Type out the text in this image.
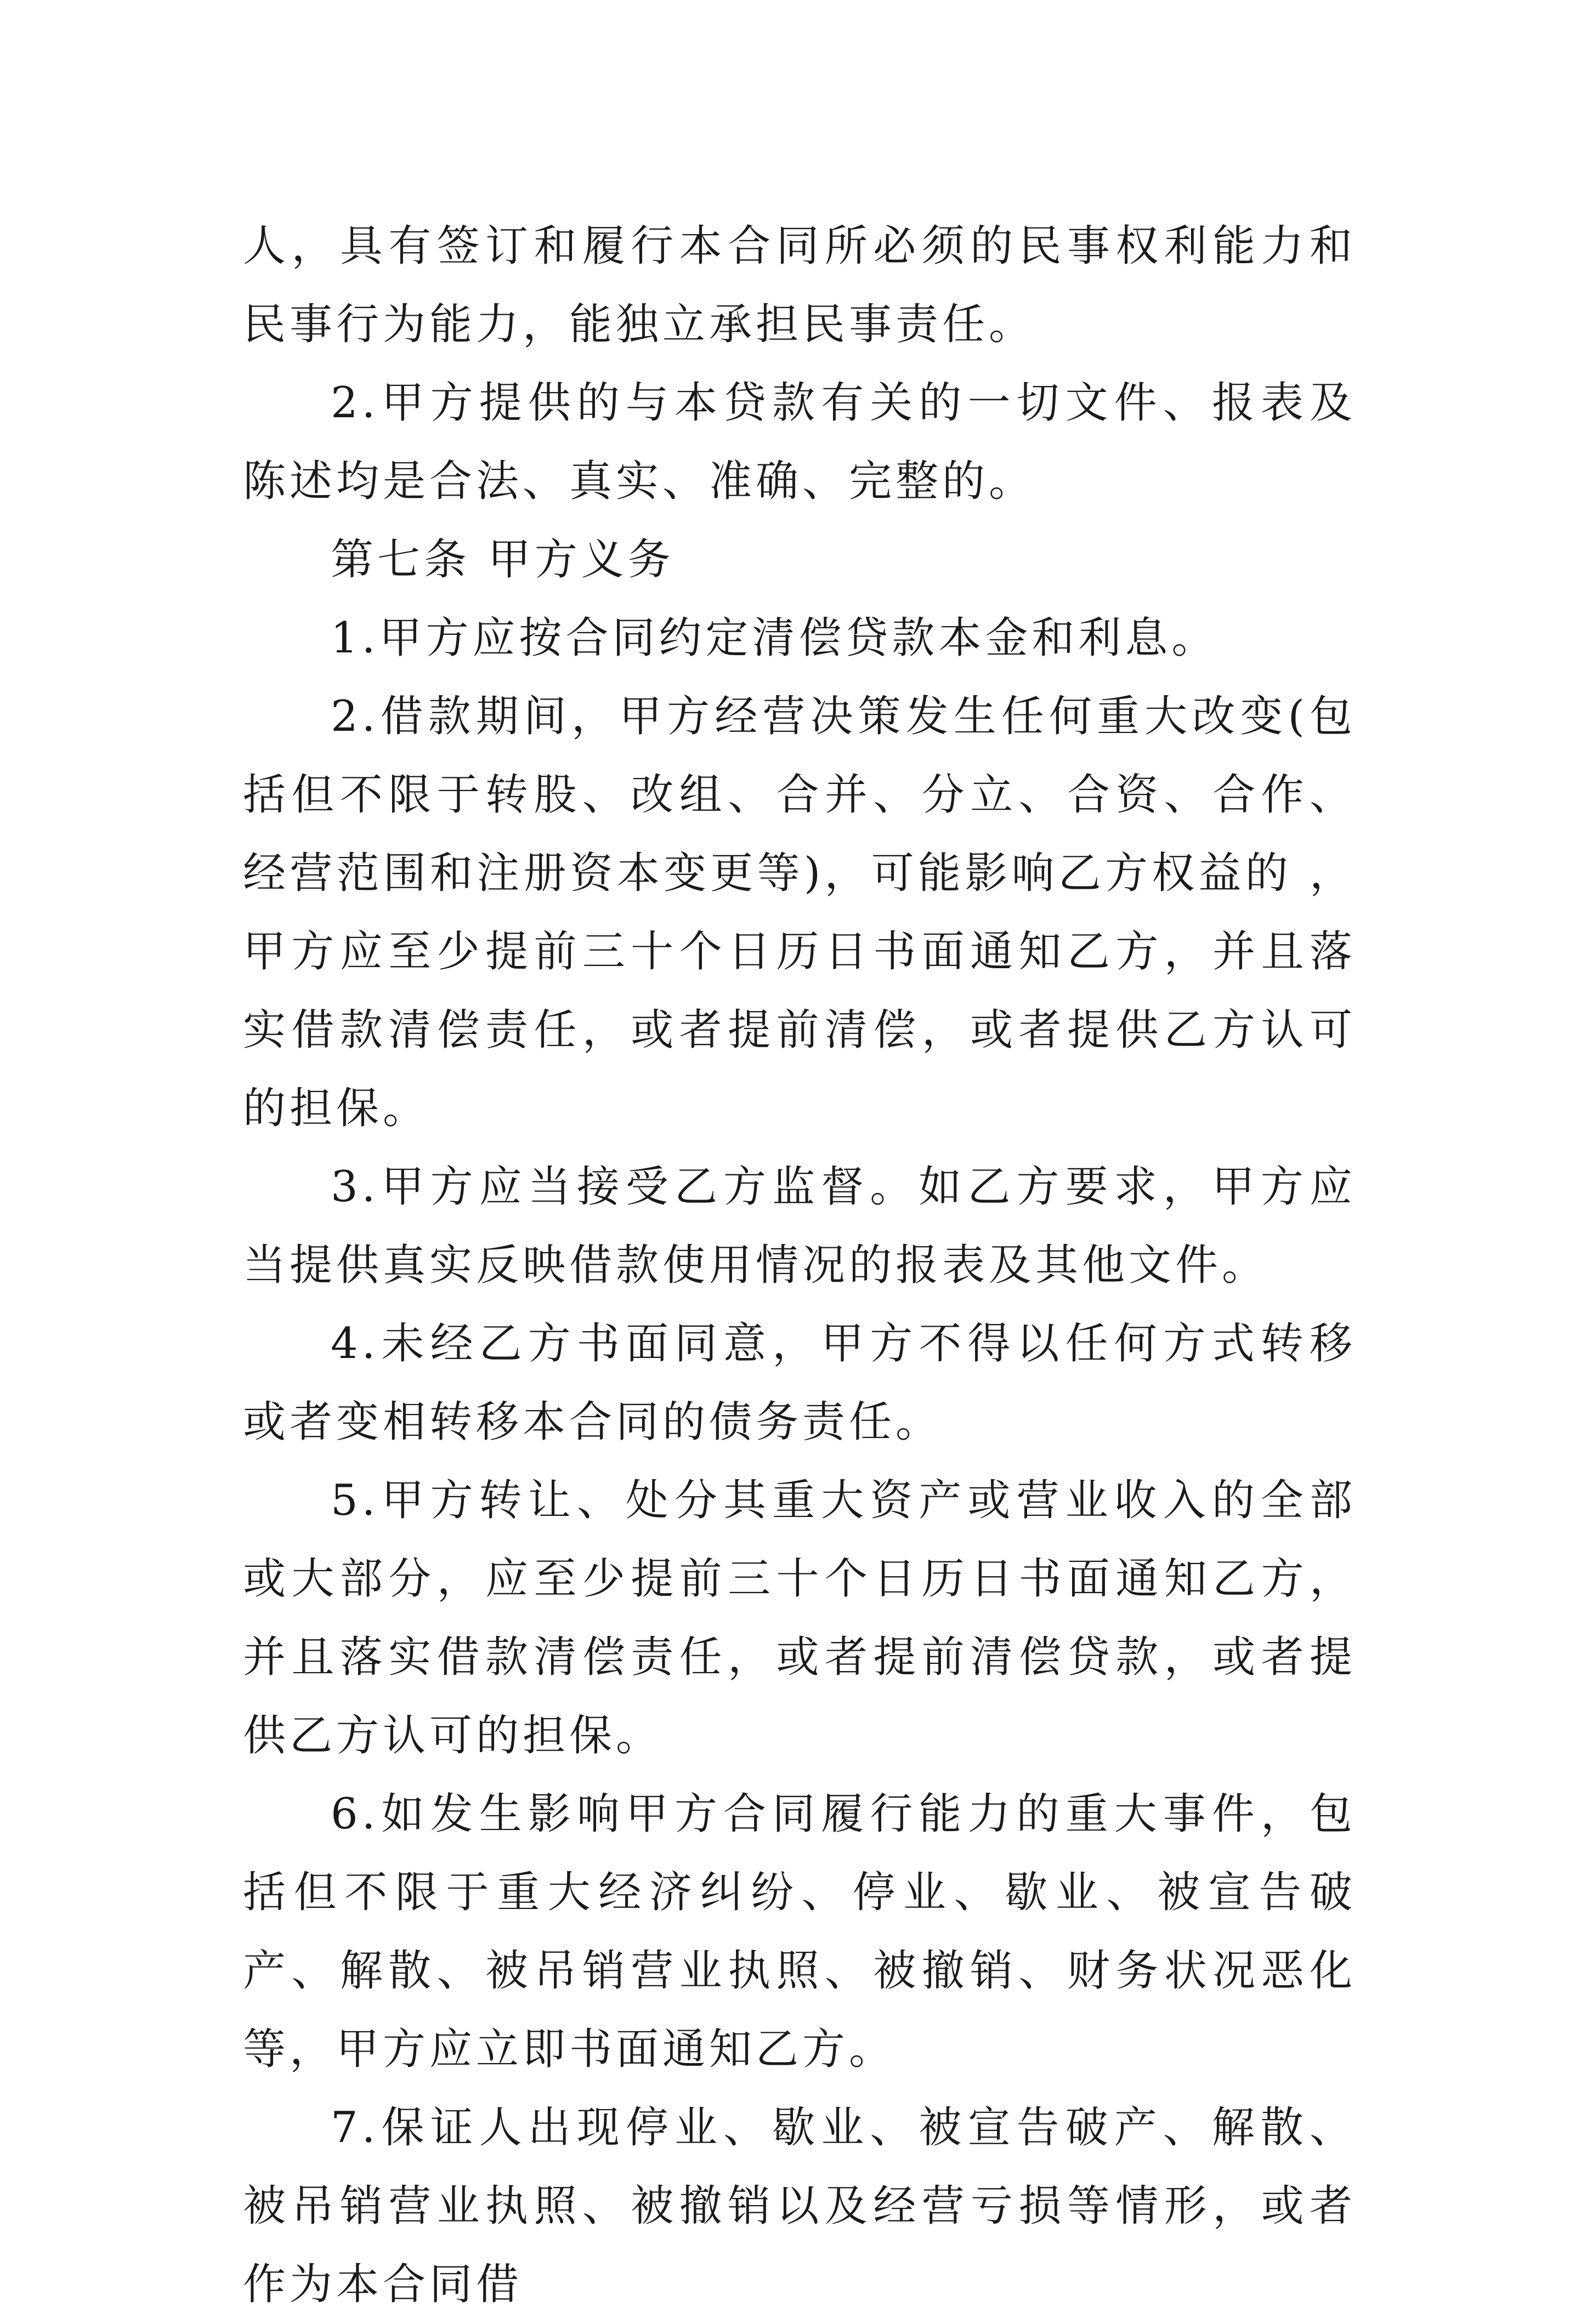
人，具有签订和履行本合同所必须的民事权利能力和民事行为能力，能独立承担民事责任。

2.甲方提供的与本贷款有关的一切文件、报表及陈述均是合法、真实、准确、完整的。

第七条 甲方义务

1.甲方应按合同约定清偿贷款本金和利息。

2.借款期间，甲方经营决策发生任何重大改变(包括但不限于转股、改组、合并、分立、合资、合作、经营范围和注册资本变更等)，可能影响乙方权益的 ，甲方应至少提前三十个日历日书面通知乙方，并且落实借款清偿责任，或者提前清偿，或者提供乙方认可的担保。

3.甲方应当接受乙方监督。如乙方要求，甲方应当提供真实反映借款使用情况的报表及其他文件。

4.未经乙方书面同意，甲方不得以任何方式转移或者变相转移本合同的债务责任。

5.甲方转让、处分其重大资产或营业收入的全部或大部分，应至少提前三十个日历日书面通知乙方，并且落实借款清偿责任，或者提前清偿贷款，或者提供乙方认可的担保。

6.如发生影响甲方合同履行能力的重大事件，包括但不限于重大经济纠纷、停业、歇业、被宣告破产、解散、被吊销营业执照、被撤销、财务状况恶化等，甲方应立即书面通知乙方。

7.保证人出现停业、歇业、被宣告破产、解散、被吊销营业执照、被撤销以及经营亏损等情形，或者作为本合同借
